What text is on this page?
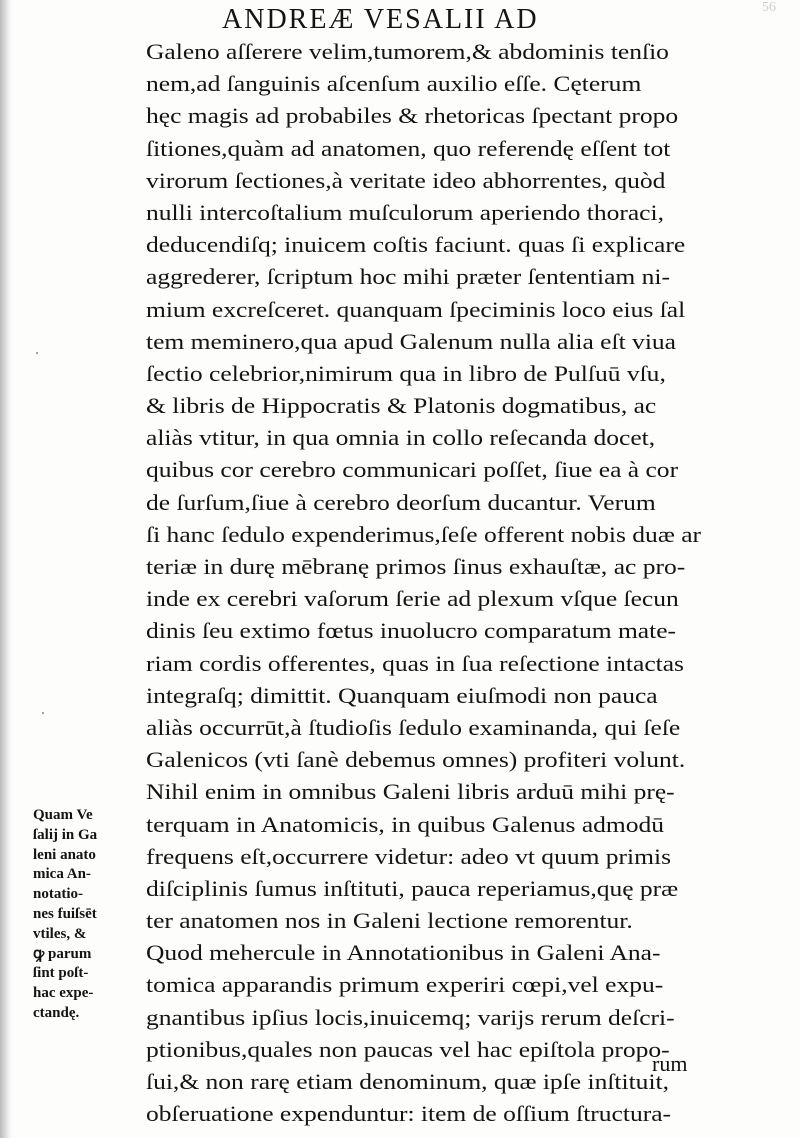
ANDREÆ VESALII AD	56
Galeno aſſerere velim,tumorem,& abdominis tenſio
nem,ad ſanguinis aſcenſum auxilio eſſe. Cęterum
hęc magis ad probabiles & rhetoricas ſpectant propo
ſitiones,quàm ad anatomen, quo referendę eſſent tot
virorum ſectiones,à veritate ideo abhorrentes, quòd
nulli intercoſtalium muſculorum aperiendo thoraci,
deducendiſq; inuicem coſtis faciunt. quas ſi explicare
aggrederer, ſcriptum hoc mihi præter ſententiam ni-
mium excreſceret. quanquam ſpeciminis loco eius ſal
tem meminero,qua apud Galenum nulla alia eſt viua
ſectio celebrior,nimirum qua in libro de Pulſuū vſu,
& libris de Hippocratis & Platonis dogmatibus, ac
aliàs vtitur, in qua omnia in collo reſecanda docet,
quibus cor cerebro communicari poſſet, ſiue ea à cor
de ſurſum,ſiue à cerebro deorſum ducantur. Verum
ſi hanc ſedulo expenderimus,ſeſe offerent nobis duæ ar
teriæ in durę mēbranę primos ſinus exhauſtæ, ac pro-
inde ex cerebri vaſorum ſerie ad plexum vſque ſecun
dinis ſeu extimo fœtus inuolucro comparatum mate-
riam cordis offerentes, quas in ſua reſectione intactas
integraſq; dimittit. Quanquam eiuſmodi non pauca
aliàs occurrūt,à ſtudioſis ſedulo examinanda, qui ſeſe
Galenicos (vti ſanè debemus omnes) profiteri volunt.
Nihil enim in omnibus Galeni libris arduū mihi prę-
terquam in Anatomicis, in quibus Galenus admodū
frequens eſt,occurrere videtur: adeo vt quum primis
diſciplinis ſumus inſtituti, pauca reperiamus,quę præ
ter anatomen nos in Galeni lectione remorentur.
Quod mehercule in Annotationibus in Galeni Ana-
tomica apparandis primum experiri cœpi,vel expu-
gnantibus ipſius locis,inuicemq; varijs rerum deſcri-
ptionibus,quales non paucas vel hac epiſtola propo-
ſui,& non rarę etiam denominum, quæ ipſe inſtituit,
obſeruatione expenduntur: item de oſſium ſtructura-
rum
Quam Ve
ſalij in Ga
leni anato
mica An-
notatio-
nes fuiſsēt
vtiles, &
ꝙ parum
ſint poſt-
hac expe-
ctandę.
